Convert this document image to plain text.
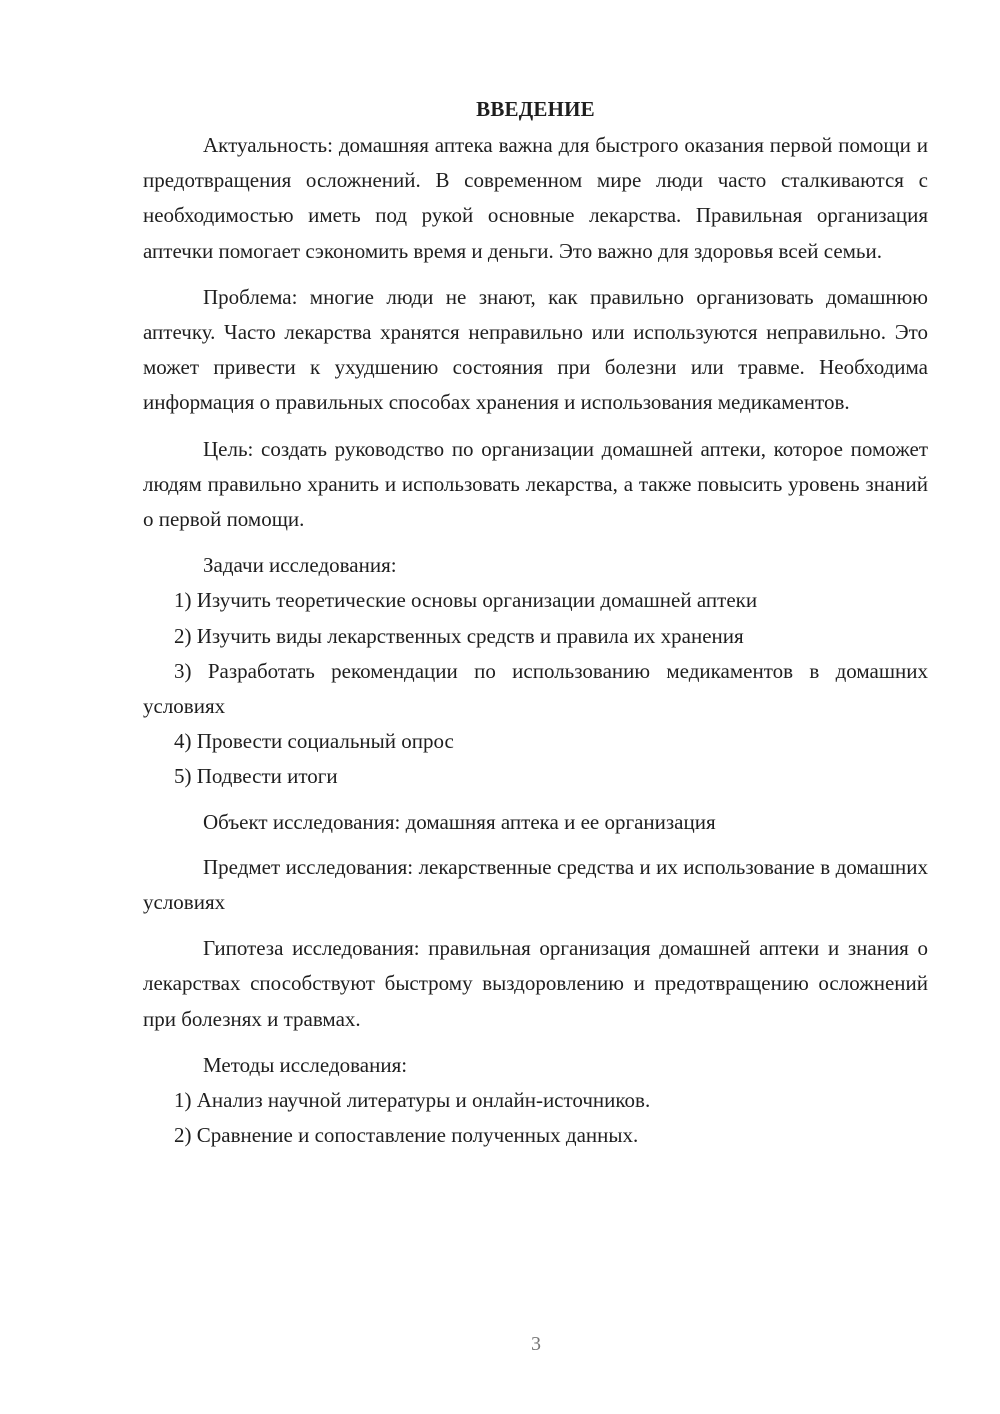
ВВЕДЕНИЕ

Актуальность: домашняя аптека важна для быстрого оказания первой помощи и предотвращения осложнений. В современном мире люди часто сталкиваются с необходимостью иметь под рукой основные лекарства. Правильная организация аптечки помогает сэкономить время и деньги. Это важно для здоровья всей семьи.

Проблема: многие люди не знают, как правильно организовать домашнюю аптечку. Часто лекарства хранятся неправильно или используются неправильно. Это может привести к ухудшению состояния при болезни или травме. Необходима информация о правильных способах хранения и использования медикаментов.

Цель: создать руководство по организации домашней аптеки, которое поможет людям правильно хранить и использовать лекарства, а также повысить уровень знаний о первой помощи.

Задачи исследования:

1) Изучить теоретические основы организации домашней аптеки

2) Изучить виды лекарственных средств и правила их хранения

3) Разработать рекомендации по использованию медикаментов в домашних условиях

4) Провести социальный опрос

5) Подвести итоги

Объект исследования: домашняя аптека и ее организация

Предмет исследования: лекарственные средства и их использование в домашних условиях

Гипотеза исследования: правильная организация домашней аптеки и знания о лекарствах способствуют быстрому выздоровлению и предотвращению осложнений при болезнях и травмах.

Методы исследования:

1) Анализ научной литературы и онлайн-источников.

2) Сравнение и сопоставление полученных данных.

3
